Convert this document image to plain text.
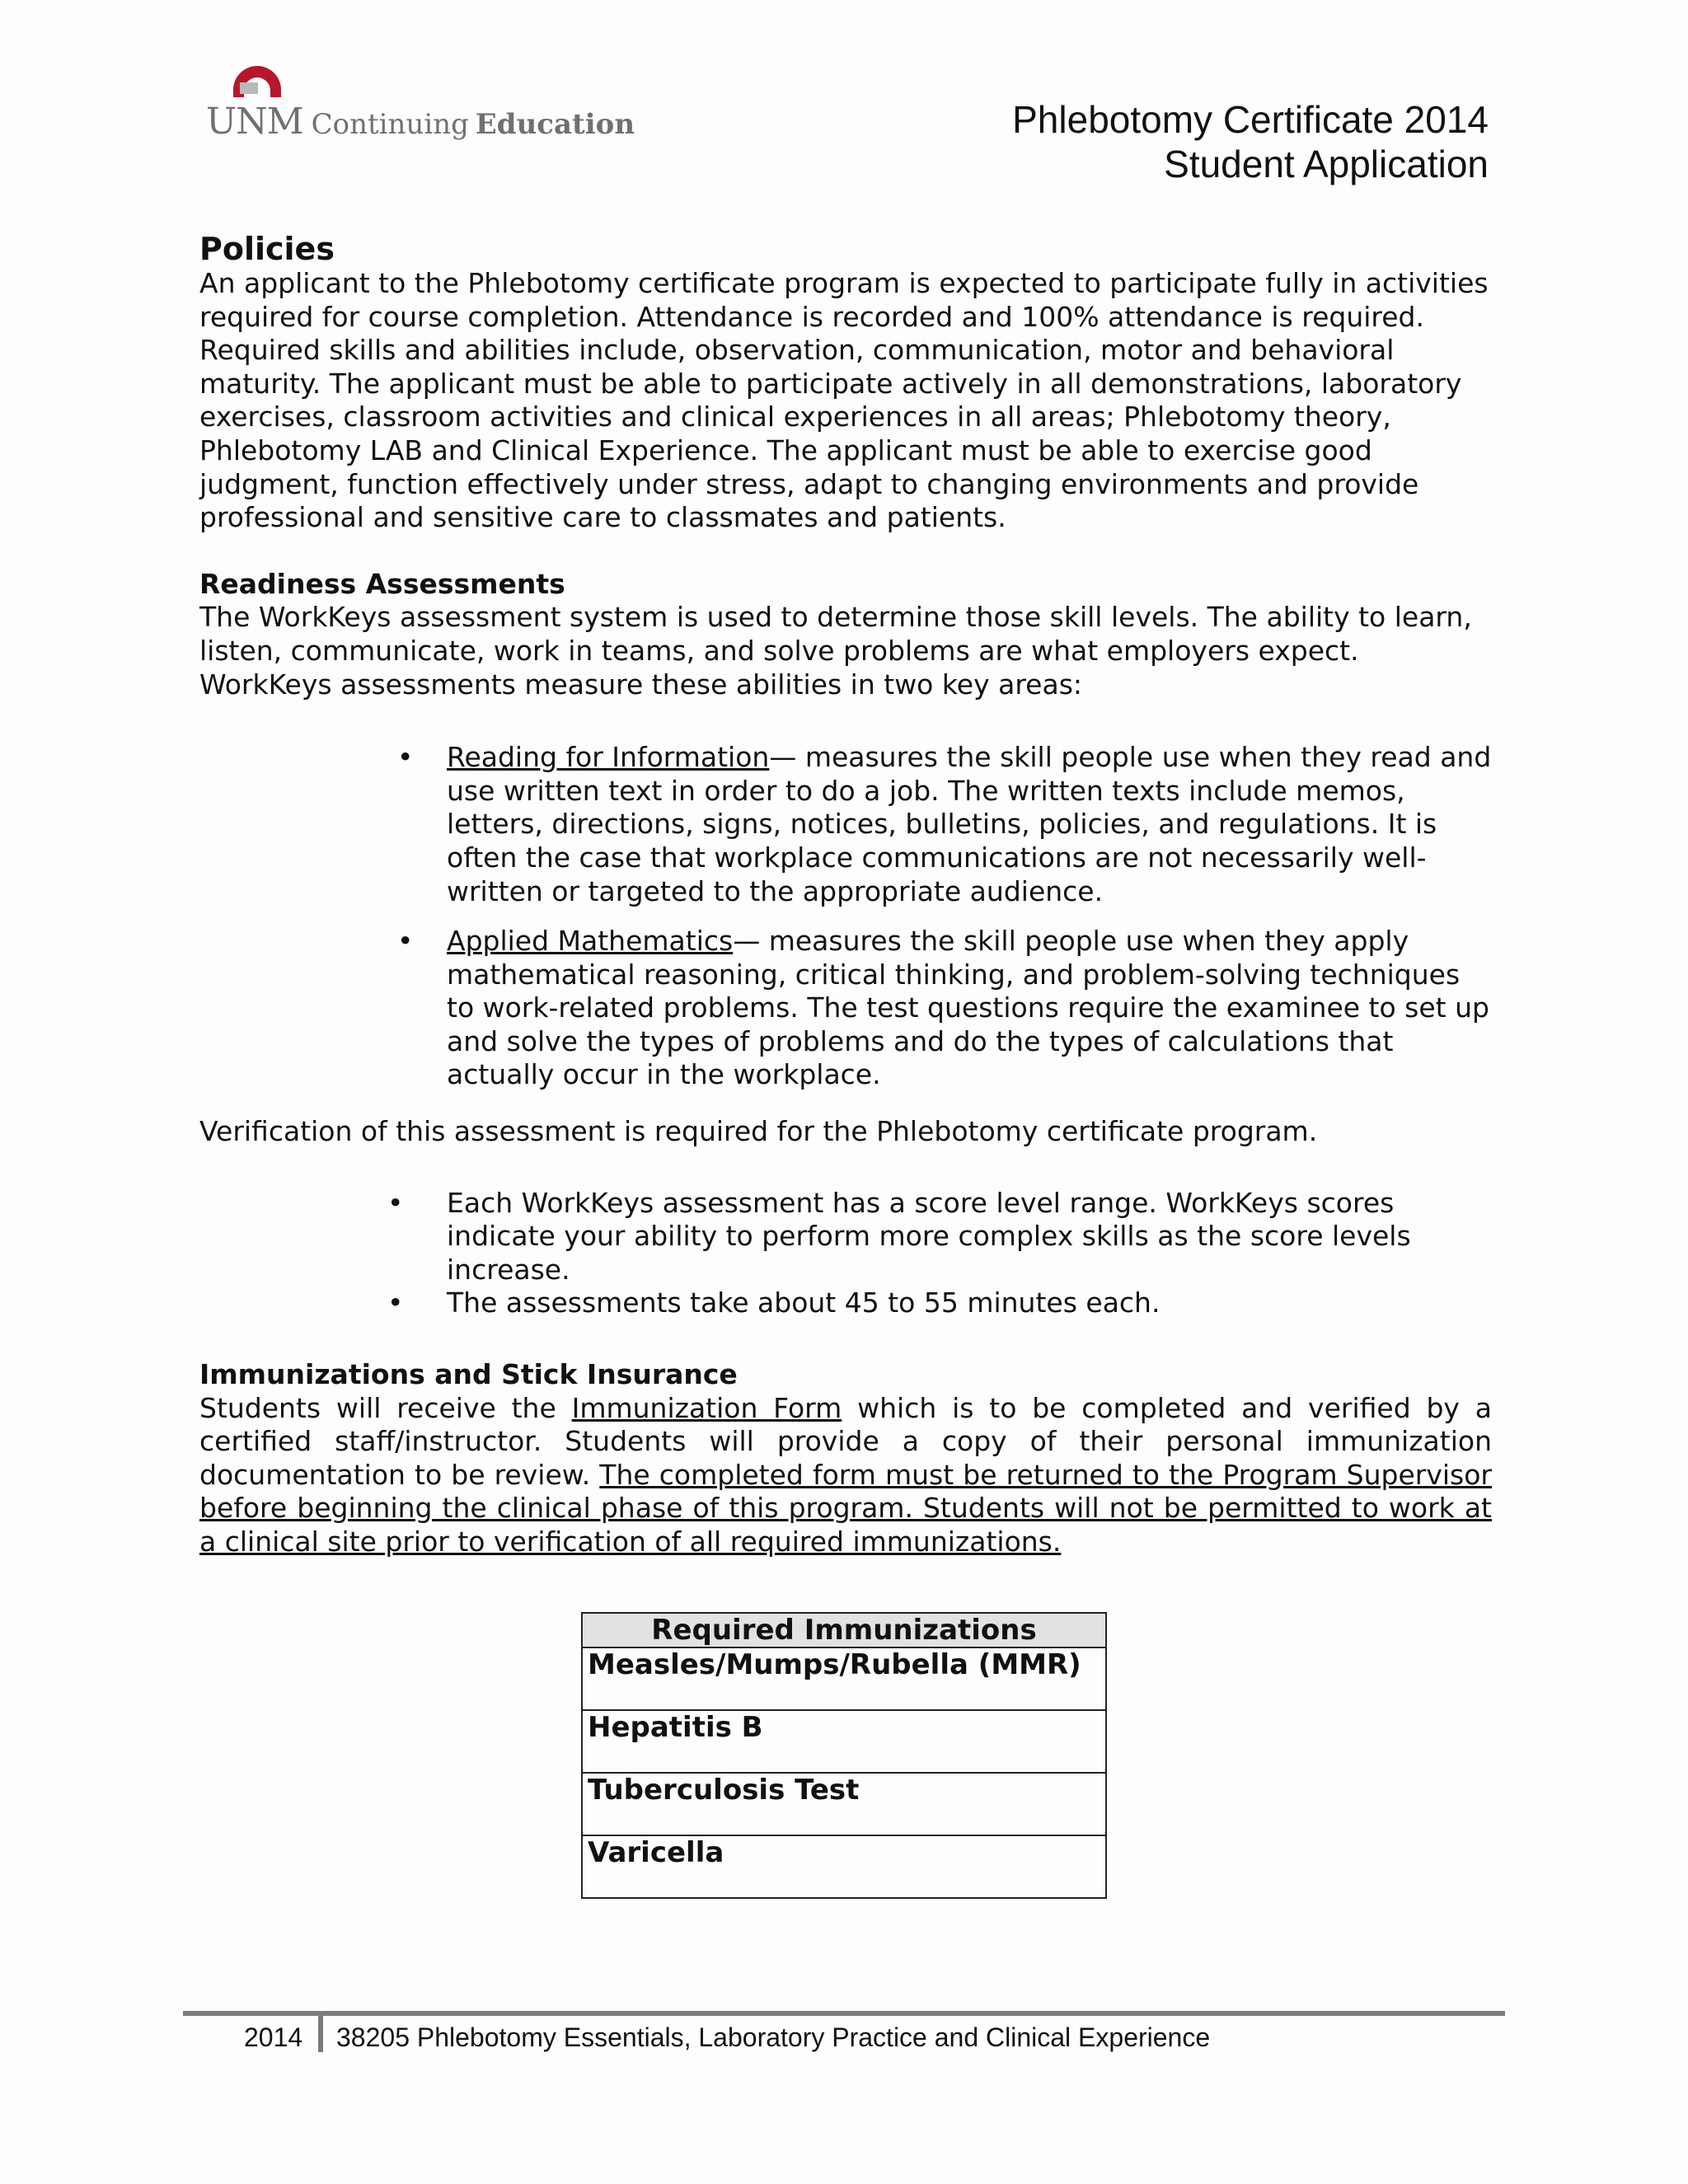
UNM Continuing Education	Phlebotomy Certificate 2014
Student Application
Policies

An applicant to the Phlebotomy certificate program is expected to participate fully in activities required for course completion. Attendance is recorded and 100% attendance is required. Required skills and abilities include, observation, communication, motor and behavioral maturity. The applicant must be able to participate actively in all demonstrations, laboratory exercises, classroom activities and clinical experiences in all areas; Phlebotomy theory, Phlebotomy LAB and Clinical Experience. The applicant must be able to exercise good judgment, function effectively under stress, adapt to changing environments and provide professional and sensitive care to classmates and patients.

Readiness Assessments

The WorkKeys assessment system is used to determine those skill levels. The ability to learn, listen, communicate, work in teams, and solve problems are what employers expect. WorkKeys assessments measure these abilities in two key areas:

• Reading for Information— measures the skill people use when they read and use written text in order to do a job. The written texts include memos, letters, directions, signs, notices, bulletins, policies, and regulations. It is often the case that workplace communications are not necessarily well-written or targeted to the appropriate audience.
• Applied Mathematics— measures the skill people use when they apply mathematical reasoning, critical thinking, and problem-solving techniques to work-related problems. The test questions require the examinee to set up and solve the types of problems and do the types of calculations that actually occur in the workplace.

Verification of this assessment is required for the Phlebotomy certificate program.

• Each WorkKeys assessment has a score level range. WorkKeys scores indicate your ability to perform more complex skills as the score levels increase.
• The assessments take about 45 to 55 minutes each.
Immunizations and Stick Insurance

Students will receive the Immunization Form which is to be completed and verified by a certified staff/instructor. Students will provide a copy of their personal immunization documentation to be review. The completed form must be returned to the Program Supervisor before beginning the clinical phase of this program. Students will not be permitted to work at a clinical site prior to verification of all required immunizations.

Required Immunizations
Measles/Mumps/Rubella (MMR)
Hepatitis B
Tuberculosis Test
Varicella
2014 38205 Phlebotomy Essentials, Laboratory Practice and Clinical Experience
